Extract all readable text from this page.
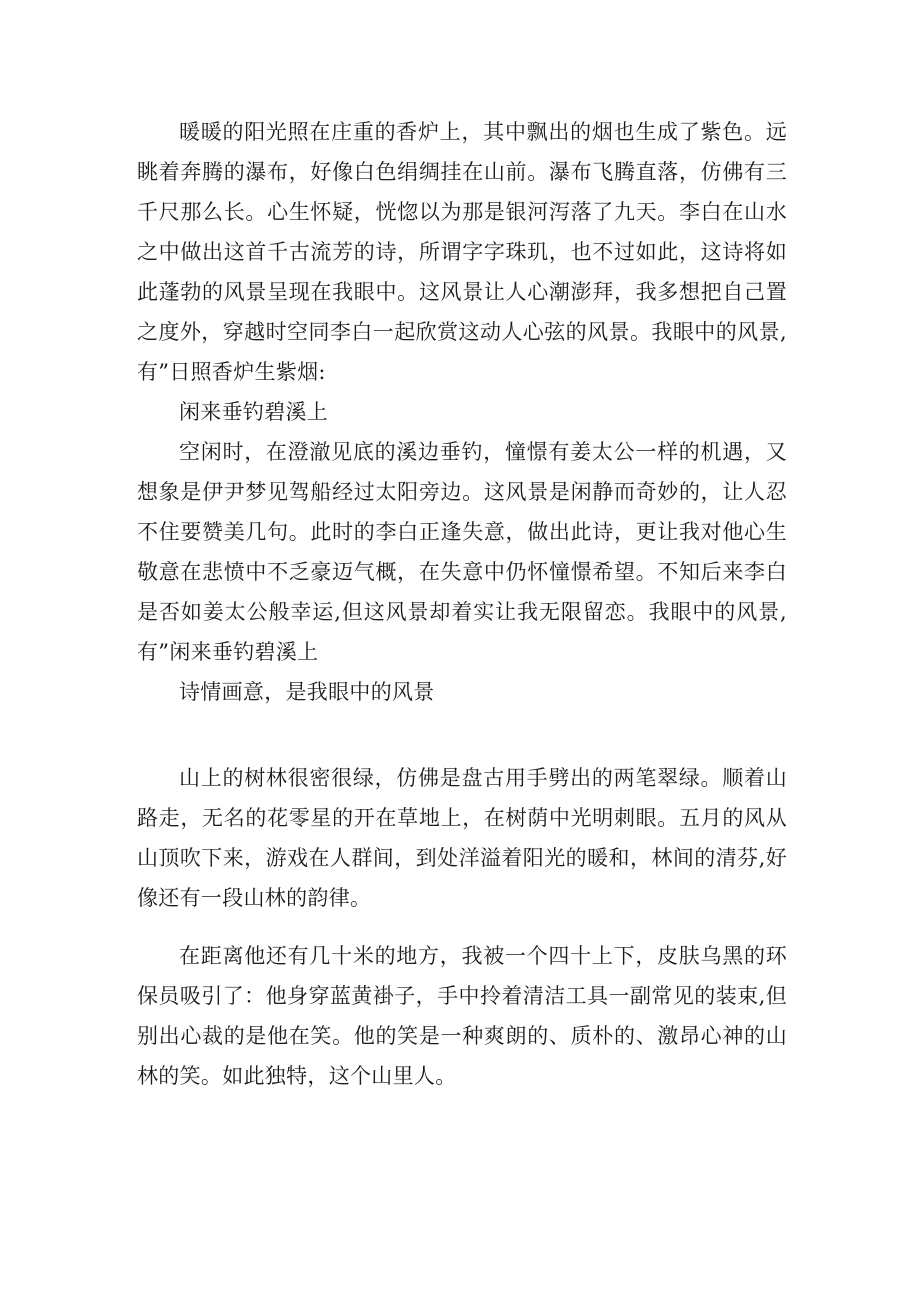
暖暖的阳光照在庄重的香炉上，其中飘出的烟也生成了紫色。远眺着奔腾的瀑布，好像白色绢绸挂在山前。瀑布飞腾直落，仿佛有三千尺那么长。心生怀疑，恍惚以为那是银河泻落了九天。李白在山水之中做出这首千古流芳的诗，所谓字字珠玑，也不过如此，这诗将如此蓬勃的风景呈现在我眼中。这风景让人心潮澎拜，我多想把自己置之度外，穿越时空同李白一起欣赏这动人心弦的风景。我眼中的风景,有”日照香炉生紫烟:

闲来垂钓碧溪上

空闲时，在澄澈见底的溪边垂钓，憧憬有姜太公一样的机遇，又想象是伊尹梦见驾船经过太阳旁边。这风景是闲静而奇妙的，让人忍不住要赞美几句。此时的李白正逢失意，做出此诗，更让我对他心生敬意在悲愤中不乏豪迈气概，在失意中仍怀憧憬希望。不知后来李白是否如姜太公般幸运,但这风景却着实让我无限留恋。我眼中的风景,有”闲来垂钓碧溪上

诗情画意，是我眼中的风景

山上的树林很密很绿，仿佛是盘古用手劈出的两笔翠绿。顺着山路走，无名的花零星的开在草地上，在树荫中光明刺眼。五月的风从山顶吹下来，游戏在人群间，到处洋溢着阳光的暖和，林间的清芬,好像还有一段山林的韵律。

在距离他还有几十米的地方，我被一个四十上下，皮肤乌黑的环保员吸引了：他身穿蓝黄褂子，手中拎着清洁工具一副常见的装束,但别出心裁的是他在笑。他的笑是一种爽朗的、质朴的、激昂心神的山林的笑。如此独特，这个山里人。
